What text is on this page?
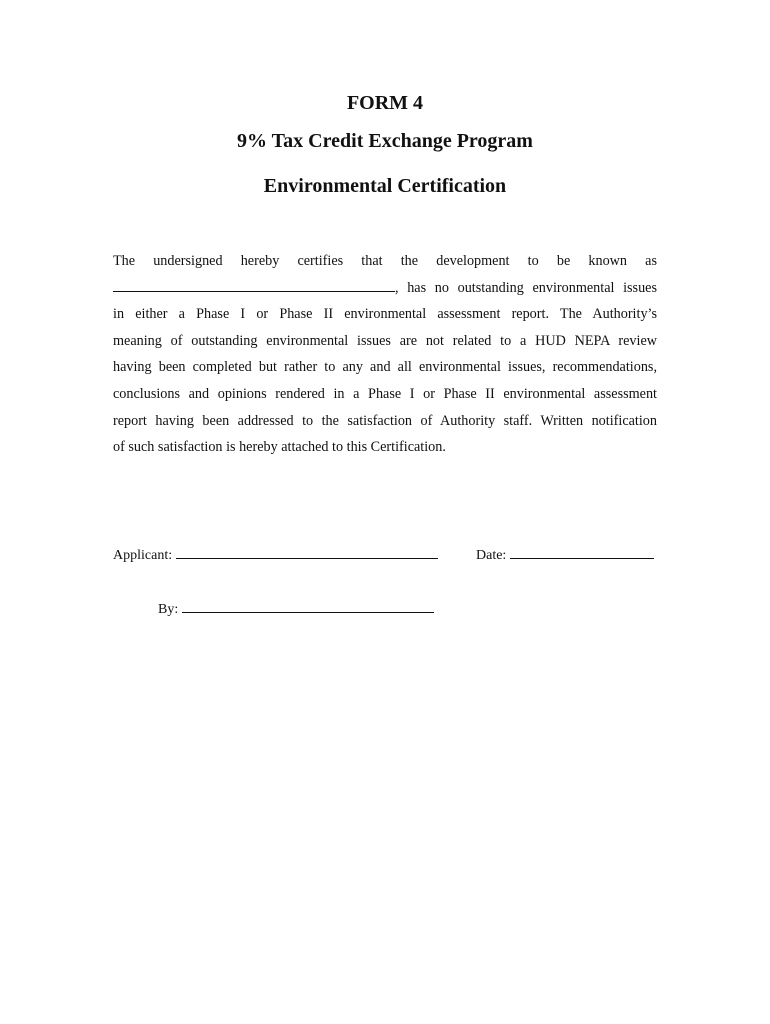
FORM 4
9% Tax Credit Exchange Program
Environmental Certification
The undersigned hereby certifies that the development to be known as
, has no outstanding environmental issues
in either a Phase I or Phase II environmental assessment report. The Authority’s
meaning of outstanding environmental issues are not related to a HUD NEPA review
having been completed but rather to any and all environmental issues, recommendations,
conclusions and opinions rendered in a Phase I or Phase II environmental assessment
report having been addressed to the satisfaction of Authority staff. Written notification
of such satisfaction is hereby attached to this Certification.
Applicant:	Date:
By:
